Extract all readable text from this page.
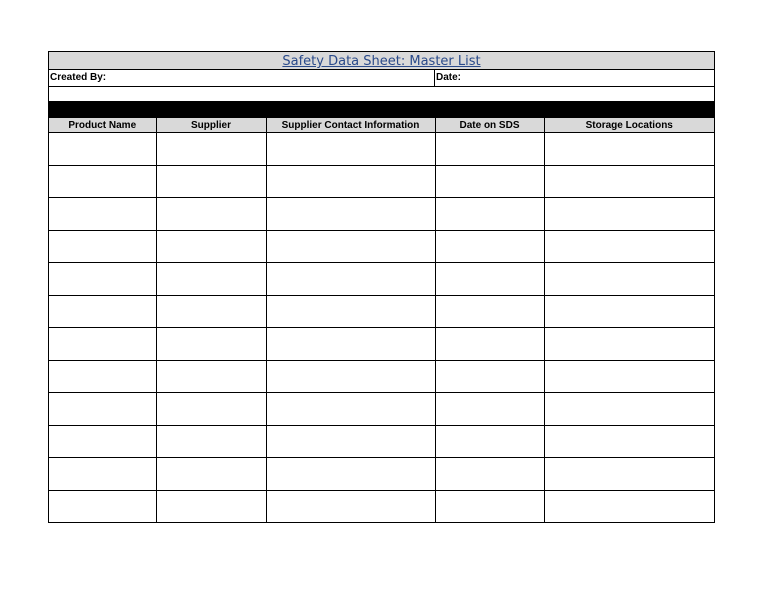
Safety Data Sheet: Master List
Created By:	Date:
Product Name	Supplier	Supplier Contact Information	Date on SDS	Storage Locations
